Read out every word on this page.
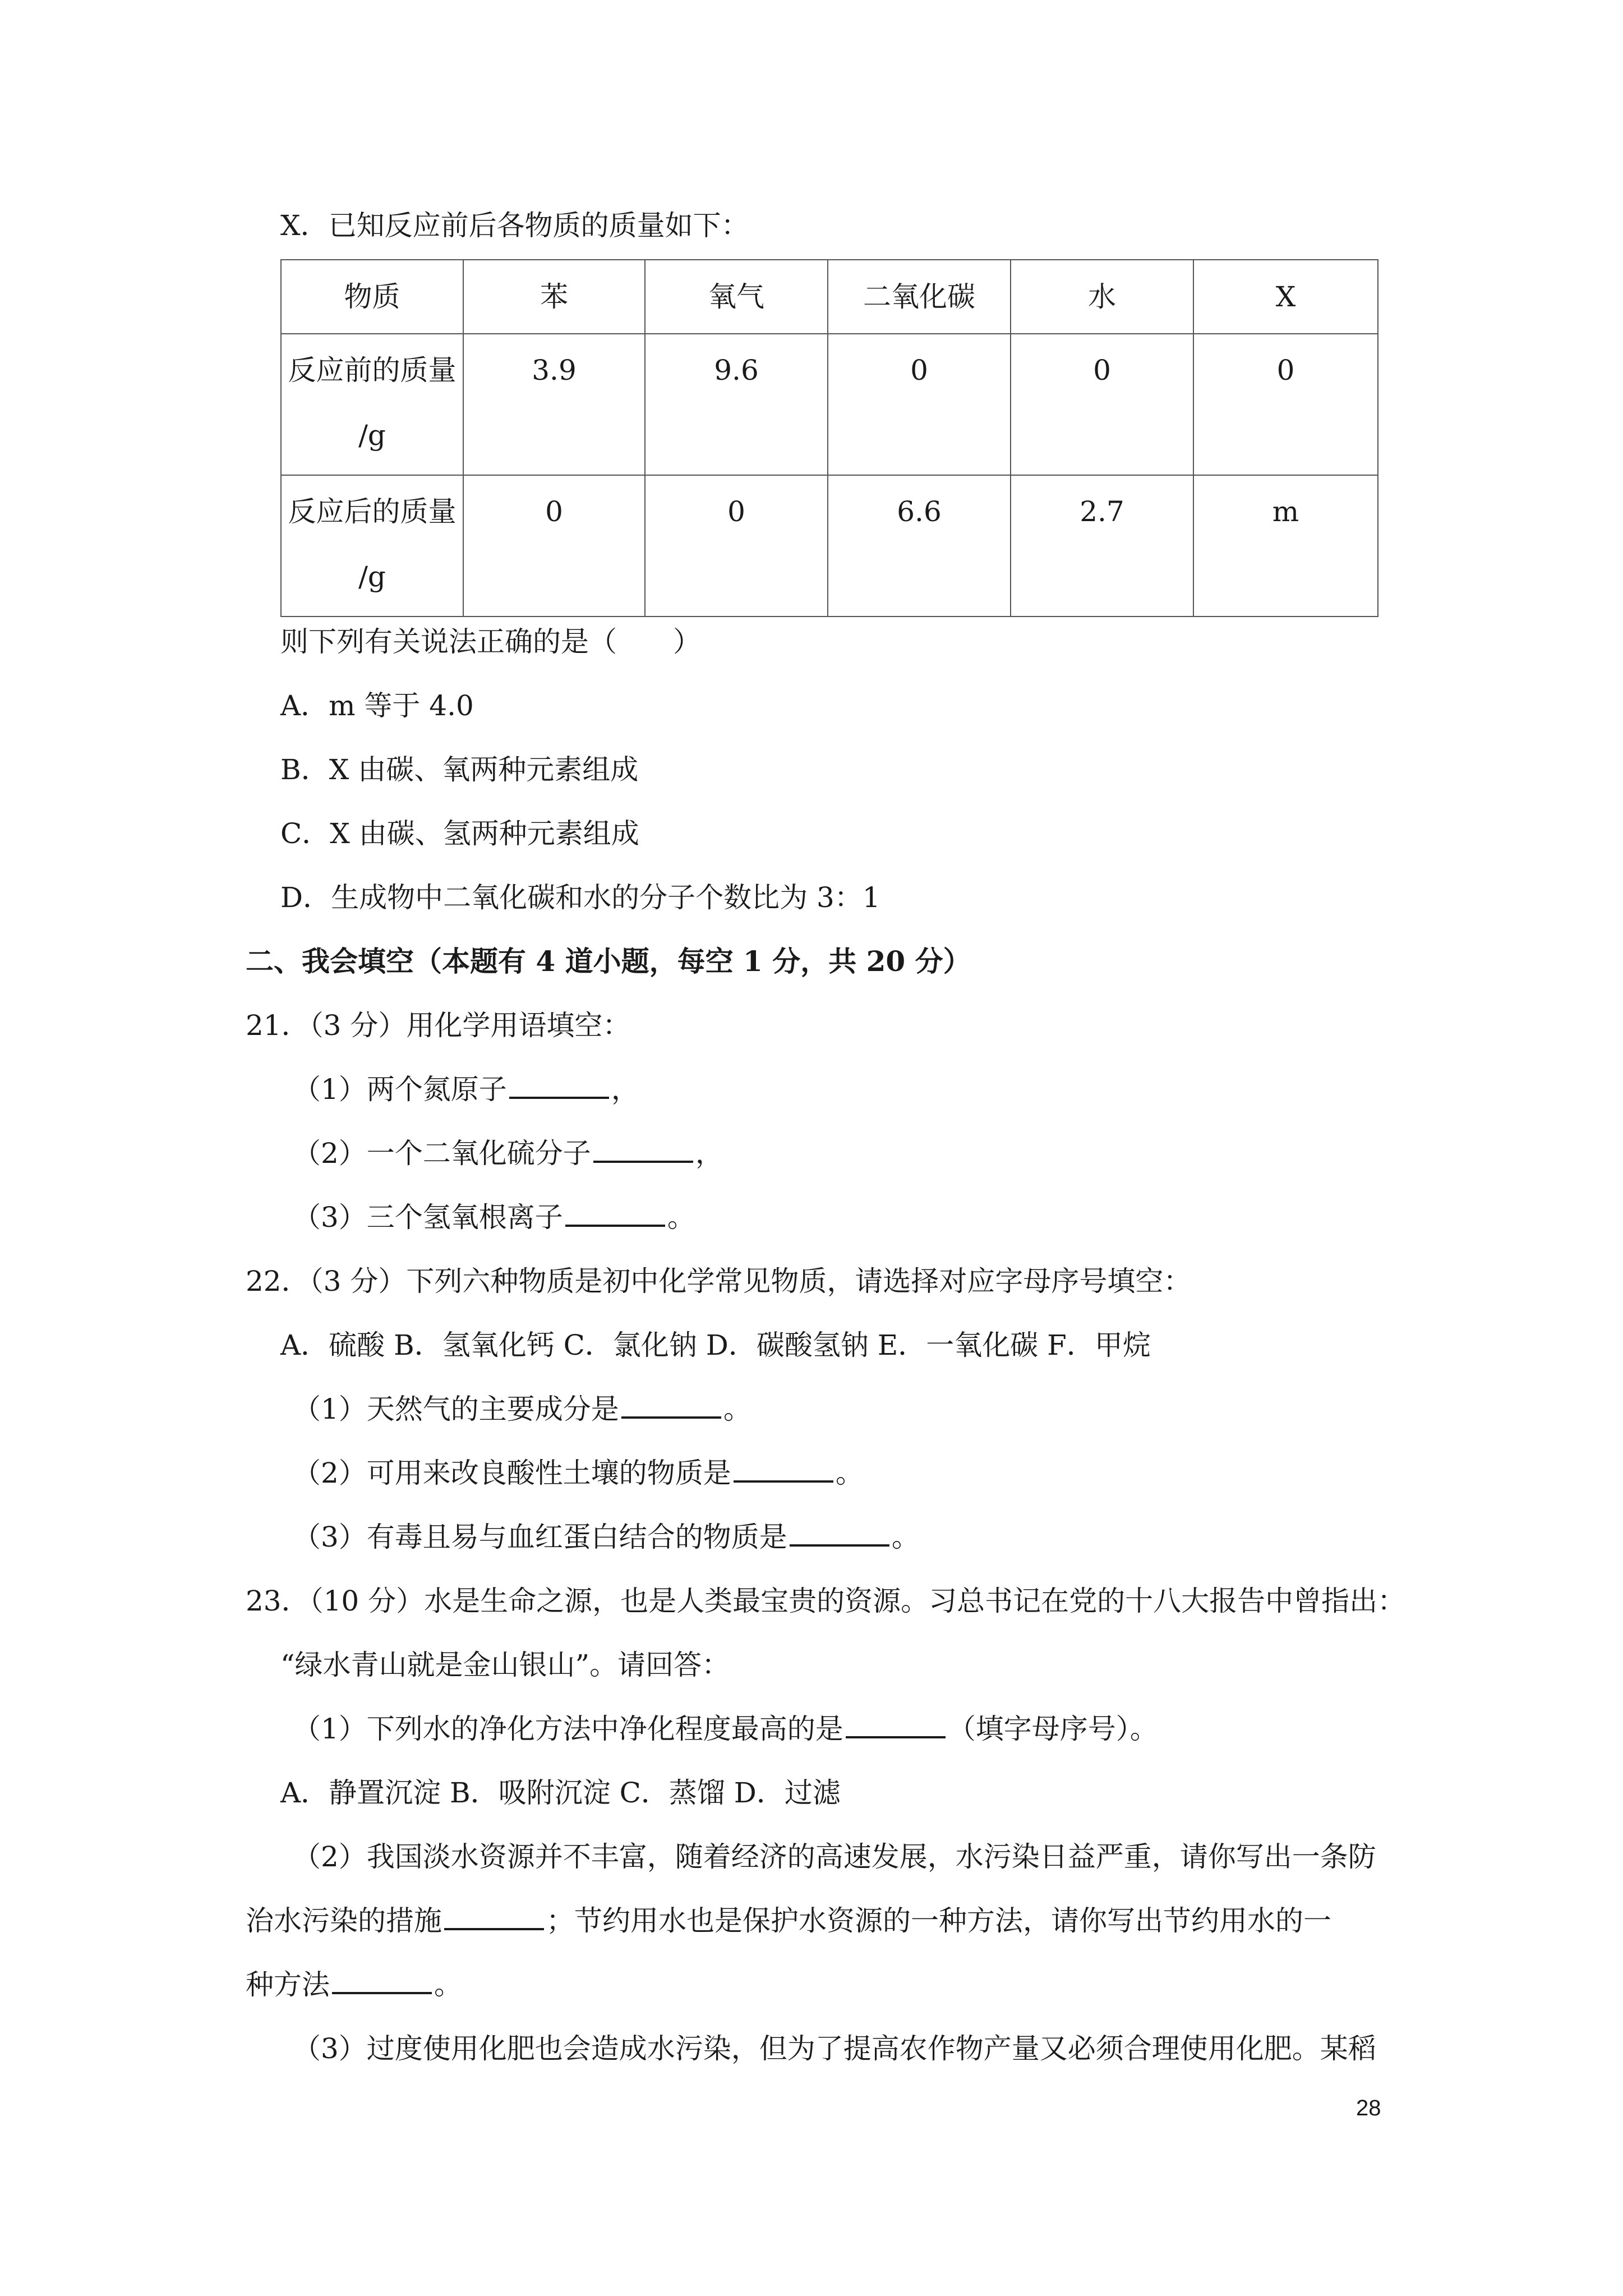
X．已知反应前后各物质的质量如下：
物质	苯	氧气	二氧化碳	水	X
反应前的质量
/g	3.9	9.6	0	0	0
反应后的质量
/g	0	0	6.6	2.7	m
则下列有关说法正确的是（　　）
A．m 等于 4.0
B．X 由碳、氧两种元素组成
C．X 由碳、氢两种元素组成
D．生成物中二氧化碳和水的分子个数比为 3：1
二、我会填空（本题有 4 道小题，每空 1 分，共 20 分）
21．（3 分）用化学用语填空：
（1）两个氮原子	，
（2）一个二氧化硫分子	，
（3）三个氢氧根离子	。
22．（3 分）下列六种物质是初中化学常见物质，请选择对应字母序号填空：
A．硫酸 B．氢氧化钙 C．氯化钠 D．碳酸氢钠 E．一氧化碳 F．甲烷
（1）天然气的主要成分是	。
（2）可用来改良酸性土壤的物质是	。
（3）有毒且易与血红蛋白结合的物质是	。
23．（10 分）水是生命之源，也是人类最宝贵的资源。习总书记在党的十八大报告中曾指出：
“绿水青山就是金山银山”。请回答：
（1）下列水的净化方法中净化程度最高的是	（填字母序号）。
A．静置沉淀 B．吸附沉淀 C．蒸馏 D．过滤
（2）我国淡水资源并不丰富，随着经济的高速发展，水污染日益严重，请你写出一条防
治水污染的措施	；节约用水也是保护水资源的一种方法，请你写出节约用水的一
种方法	。
（3）过度使用化肥也会造成水污染，但为了提高农作物产量又必须合理使用化肥。某稻
28
